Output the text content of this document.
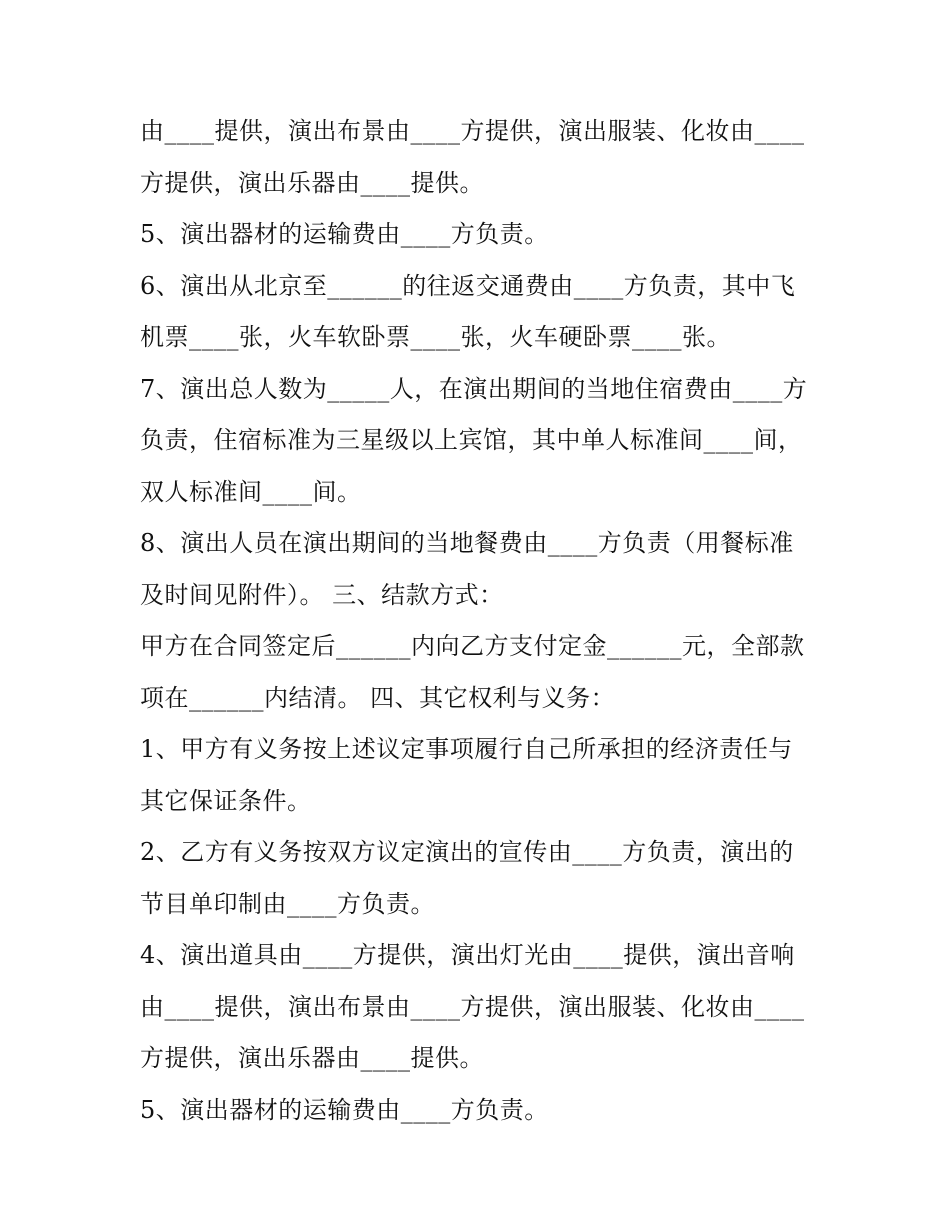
由____提供，演出布景由____方提供，演出服装、化妆由____
方提供，演出乐器由____提供。
5、演出器材的运输费由____方负责。
6、演出从北京至______的往返交通费由____方负责，其中飞
机票____张，火车软卧票____张，火车硬卧票____张。
7、演出总人数为_____人，在演出期间的当地住宿费由____方
负责，住宿标准为三星级以上宾馆，其中单人标准间____间，
双人标准间____间。
8、演出人员在演出期间的当地餐费由____方负责（用餐标准
及时间见附件）。 三、结款方式：
甲方在合同签定后______内向乙方支付定金______元，全部款
项在______内结清。 四、其它权利与义务：
1、甲方有义务按上述议定事项履行自己所承担的经济责任与
其它保证条件。
2、乙方有义务按双方议定演出的宣传由____方负责，演出的
节目单印制由____方负责。
4、演出道具由____方提供，演出灯光由____提供，演出音响
由____提供，演出布景由____方提供，演出服装、化妆由____
方提供，演出乐器由____提供。
5、演出器材的运输费由____方负责。
